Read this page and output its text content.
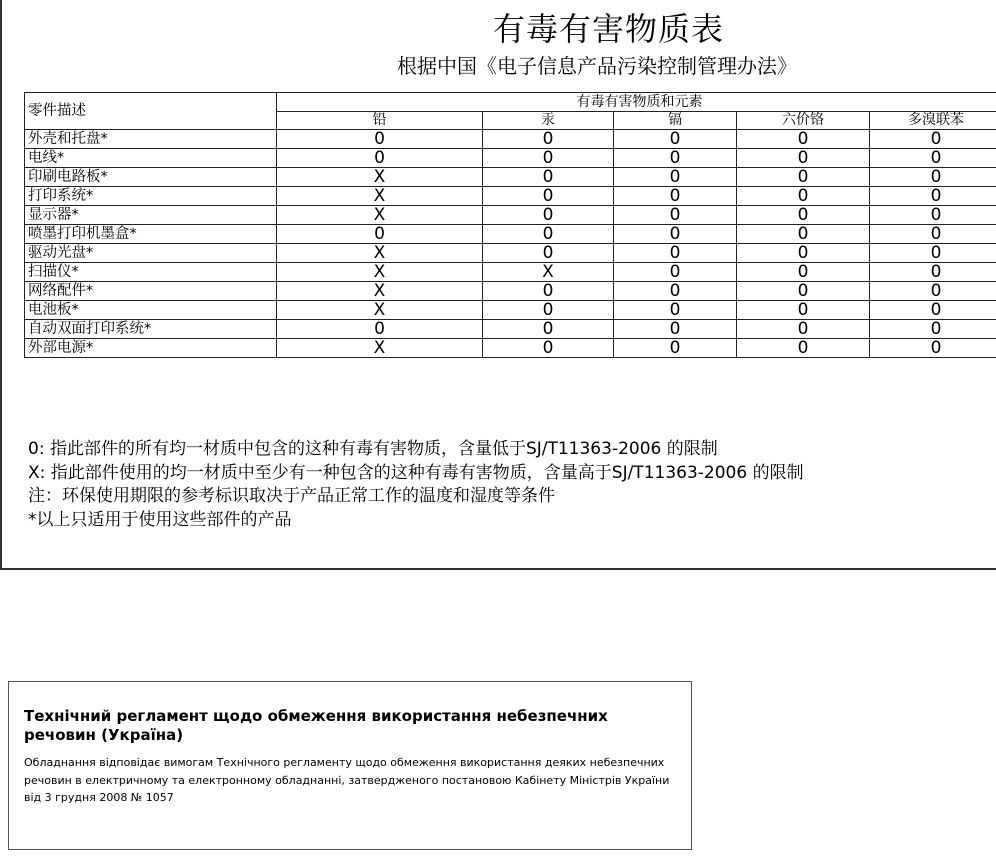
有毒有害物质表
根据中国《电子信息产品污染控制管理办法》
零件描述	有毒有害物质和元素				
	铅	汞	镉	六价铬	多溴联苯
外壳和托盘*	0	0	0	0	0
电线*	0	0	0	0	0
印刷电路板*	X	0	0	0	0
打印系统*	X	0	0	0	0
显示器*	X	0	0	0	0
喷墨打印机墨盒*	0	0	0	0	0
驱动光盘*	X	0	0	0	0
扫描仪*	X	X	0	0	0
网络配件*	X	0	0	0	0
电池板*	X	0	0	0	0
自动双面打印系统*	0	0	0	0	0
外部电源*	X	0	0	0	0
0: 指此部件的所有均一材质中包含的这种有毒有害物质，含量低于SJ/T11363-2006 的限制
X: 指此部件使用的均一材质中至少有一种包含的这种有毒有害物质，含量高于SJ/T11363-2006 的限制
注：环保使用期限的参考标识取决于产品正常工作的温度和湿度等条件
*以上只适用于使用这些部件的产品
Технічний регламент щодо обмеження використання небезпечних речовин (Україна)
Обладнання відповідає вимогам Технічного регламенту щодо обмеження використання деяких небезпечних речовин в електричному та електронному обладнанні, затвердженого постановою Кабінету Міністрів України від 3 грудня 2008 № 1057
